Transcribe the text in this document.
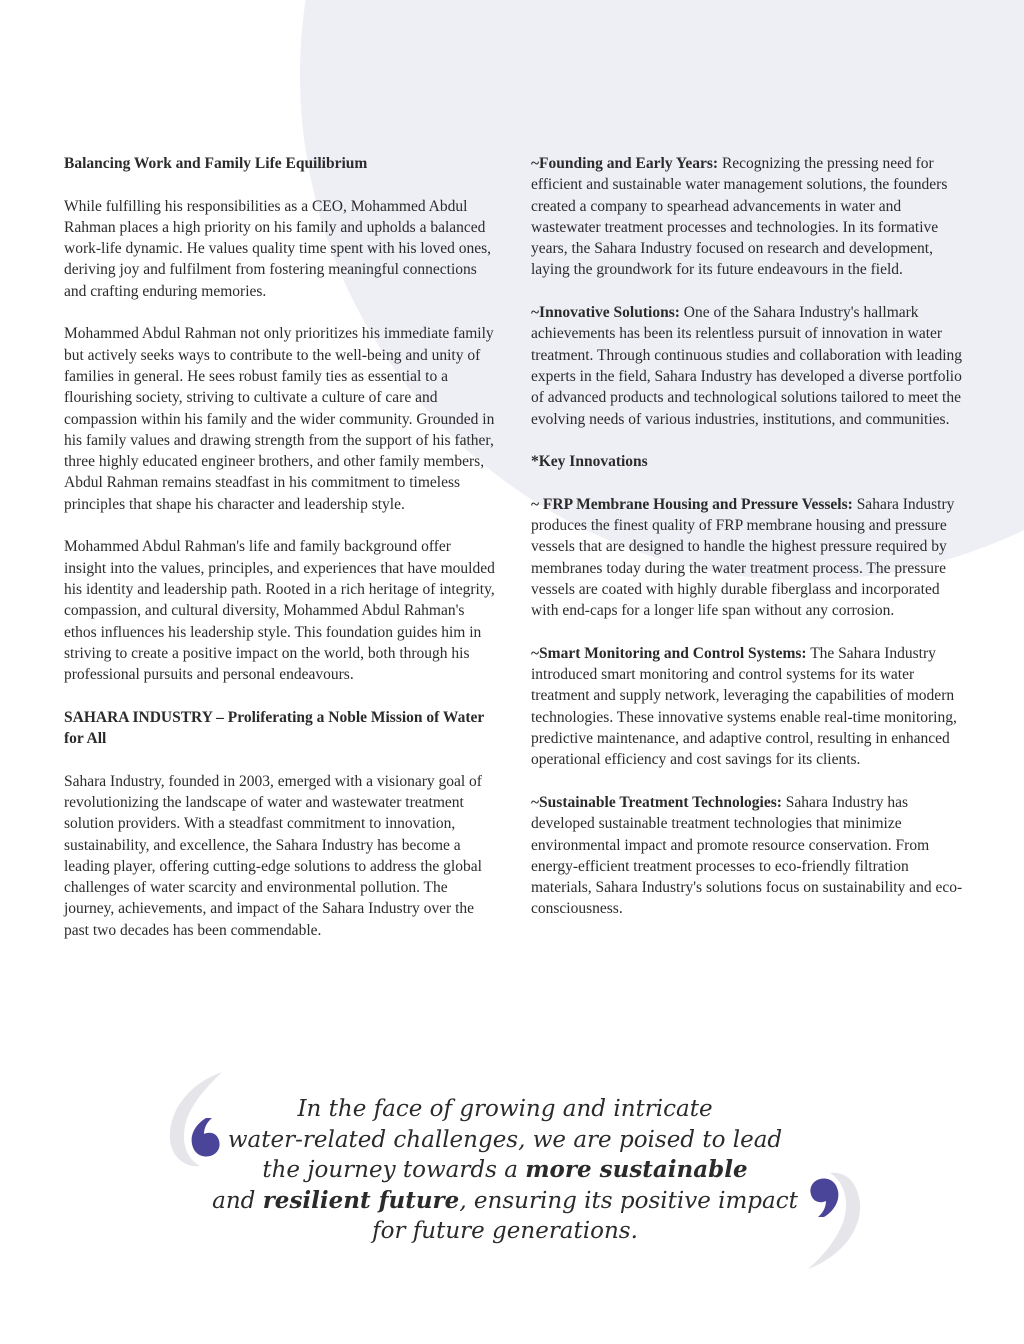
Balancing Work and Family Life Equilibrium

While fulfilling his responsibilities as a CEO, Mohammed Abdul Rahman places a high priority on his family and upholds a balanced work-life dynamic. He values quality time spent with his loved ones, deriving joy and fulfilment from fostering meaningful connections and crafting enduring memories.

Mohammed Abdul Rahman not only prioritizes his immediate family but actively seeks ways to contribute to the well-being and unity of families in general. He sees robust family ties as essential to a flourishing society, striving to cultivate a culture of care and compassion within his family and the wider community. Grounded in his family values and drawing strength from the support of his father, three highly educated engineer brothers, and other family members, Abdul Rahman remains steadfast in his commitment to timeless principles that shape his character and leadership style.

Mohammed Abdul Rahman's life and family background offer insight into the values, principles, and experiences that have moulded his identity and leadership path. Rooted in a rich heritage of integrity, compassion, and cultural diversity, Mohammed Abdul Rahman's ethos influences his leadership style. This foundation guides him in striving to create a positive impact on the world, both through his professional pursuits and personal endeavours.

SAHARA INDUSTRY – Proliferating a Noble Mission of Water for All

Sahara Industry, founded in 2003, emerged with a visionary goal of revolutionizing the landscape of water and wastewater treatment solution providers. With a steadfast commitment to innovation, sustainability, and excellence, the Sahara Industry has become a leading player, offering cutting-edge solutions to address the global challenges of water scarcity and environmental pollution. The journey, achievements, and impact of the Sahara Industry over the past two decades has been commendable.

~Founding and Early Years: Recognizing the pressing need for efficient and sustainable water management solutions, the founders created a company to spearhead advancements in water and wastewater treatment processes and technologies. In its formative years, the Sahara Industry focused on research and development, laying the groundwork for its future endeavours in the field.

~Innovative Solutions: One of the Sahara Industry's hallmark achievements has been its relentless pursuit of innovation in water treatment. Through continuous studies and collaboration with leading experts in the field, Sahara Industry has developed a diverse portfolio of advanced products and technological solutions tailored to meet the evolving needs of various industries, institutions, and communities.

*Key Innovations

~ FRP Membrane Housing and Pressure Vessels: Sahara Industry produces the finest quality of FRP membrane housing and pressure vessels that are designed to handle the highest pressure required by membranes today during the water treatment process. The pressure vessels are coated with highly durable fiberglass and incorporated with end-caps for a longer life span without any corrosion.

~Smart Monitoring and Control Systems: The Sahara Industry introduced smart monitoring and control systems for its water treatment and supply network, leveraging the capabilities of modern technologies. These innovative systems enable real-time monitoring, predictive maintenance, and adaptive control, resulting in enhanced operational efficiency and cost savings for its clients.

~Sustainable Treatment Technologies: Sahara Industry has developed sustainable treatment technologies that minimize environmental impact and promote resource conservation. From energy-efficient treatment processes to eco-friendly filtration materials, Sahara Industry's solutions focus on sustainability and eco-consciousness.

In the face of growing and intricate
water-related challenges, we are poised to lead
the journey towards a more sustainable
and resilient future, ensuring its positive impact
for future generations.
